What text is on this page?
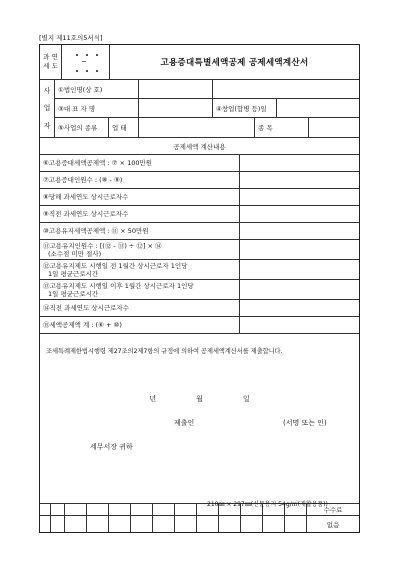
[별지 제11호의5서식]
과세

연도	~	고용증대특별세액공제 공제세액계산서
사
업
자
①법인명(상 호)
③대 표 자 명	④창업(합병 등)일
⑤사업의 종류	업 태	종 목
공제세액 계산내용
⑥고용증대세액공제액 : ⑦ × 100만원
⑦고용증대인원수 : (⑧ - ⑨)
⑧당해 과세연도 상시근로자수
⑨직전 과세연도 상시근로자수
⑩고용유지세액공제액 : ⑪ × 50만원
⑪고용유지인원수 : [(⑫ - ⑬) ÷ ⑫] × ⑭
(소수점 미만 절사)
⑫고용유지제도 시행일 전 1월간 상시근로자 1인당
1일 평균근로시간
⑬고용유지제도 시행일 이후 1월간 상시근로자 1인당
1일 평균근로시간
⑭직전 과세연도 상시근로자수
⑮세액공제액 계 : (⑥ + ⑩)
조세특례제한법시행령 제27조의2제7항의 규정에 의하여 공제세액계산서를 제출합니다.
년	월	일
제출인	(서명 또는 인)
세무서장 귀하
수수료
없음
210㎜ × 297㎜(신문용지 54g/㎡(재활용품))
